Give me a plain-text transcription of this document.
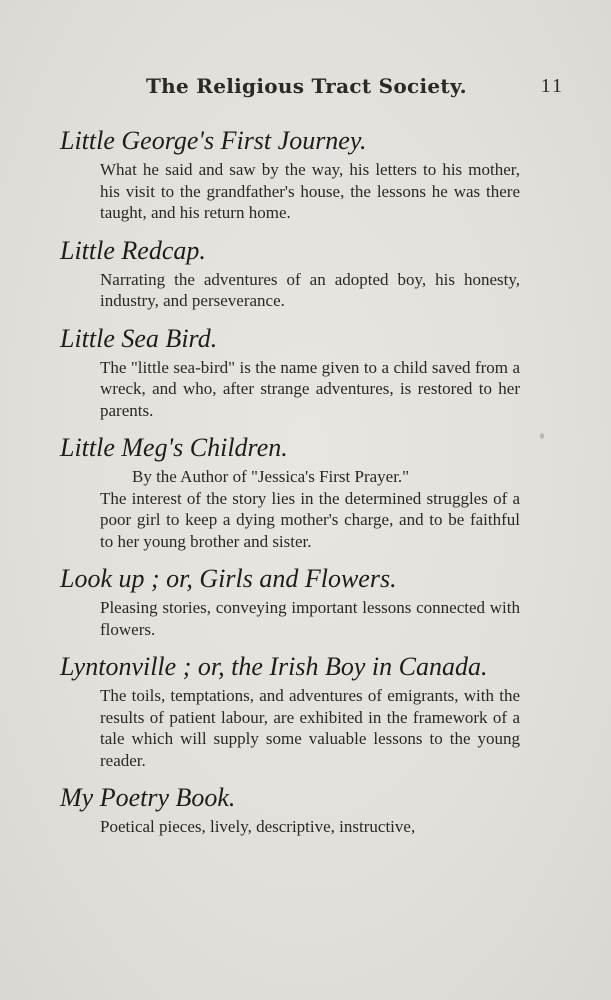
The Religious Tract Society.	11
Little George's First Journey.
What he said and saw by the way, his letters to his mother, his visit to the grandfather's house, the lessons he was there taught, and his return home.
Little Redcap.
Narrating the adventures of an adopted boy, his honesty, industry, and perseverance.
Little Sea Bird.
The "little sea-bird" is the name given to a child saved from a wreck, and who, after strange adventures, is restored to her parents.
Little Meg's Children.
By the Author of "Jessica's First Prayer."
The interest of the story lies in the determined struggles of a poor girl to keep a dying mother's charge, and to be faithful to her young brother and sister.
Look up ; or, Girls and Flowers.
Pleasing stories, conveying important lessons connected with flowers.
Lyntonville ; or, the Irish Boy in Canada.
The toils, temptations, and adventures of emigrants, with the results of patient labour, are exhibited in the framework of a tale which will supply some valuable lessons to the young reader.
My Poetry Book.
Poetical pieces, lively, descriptive, instructive,
